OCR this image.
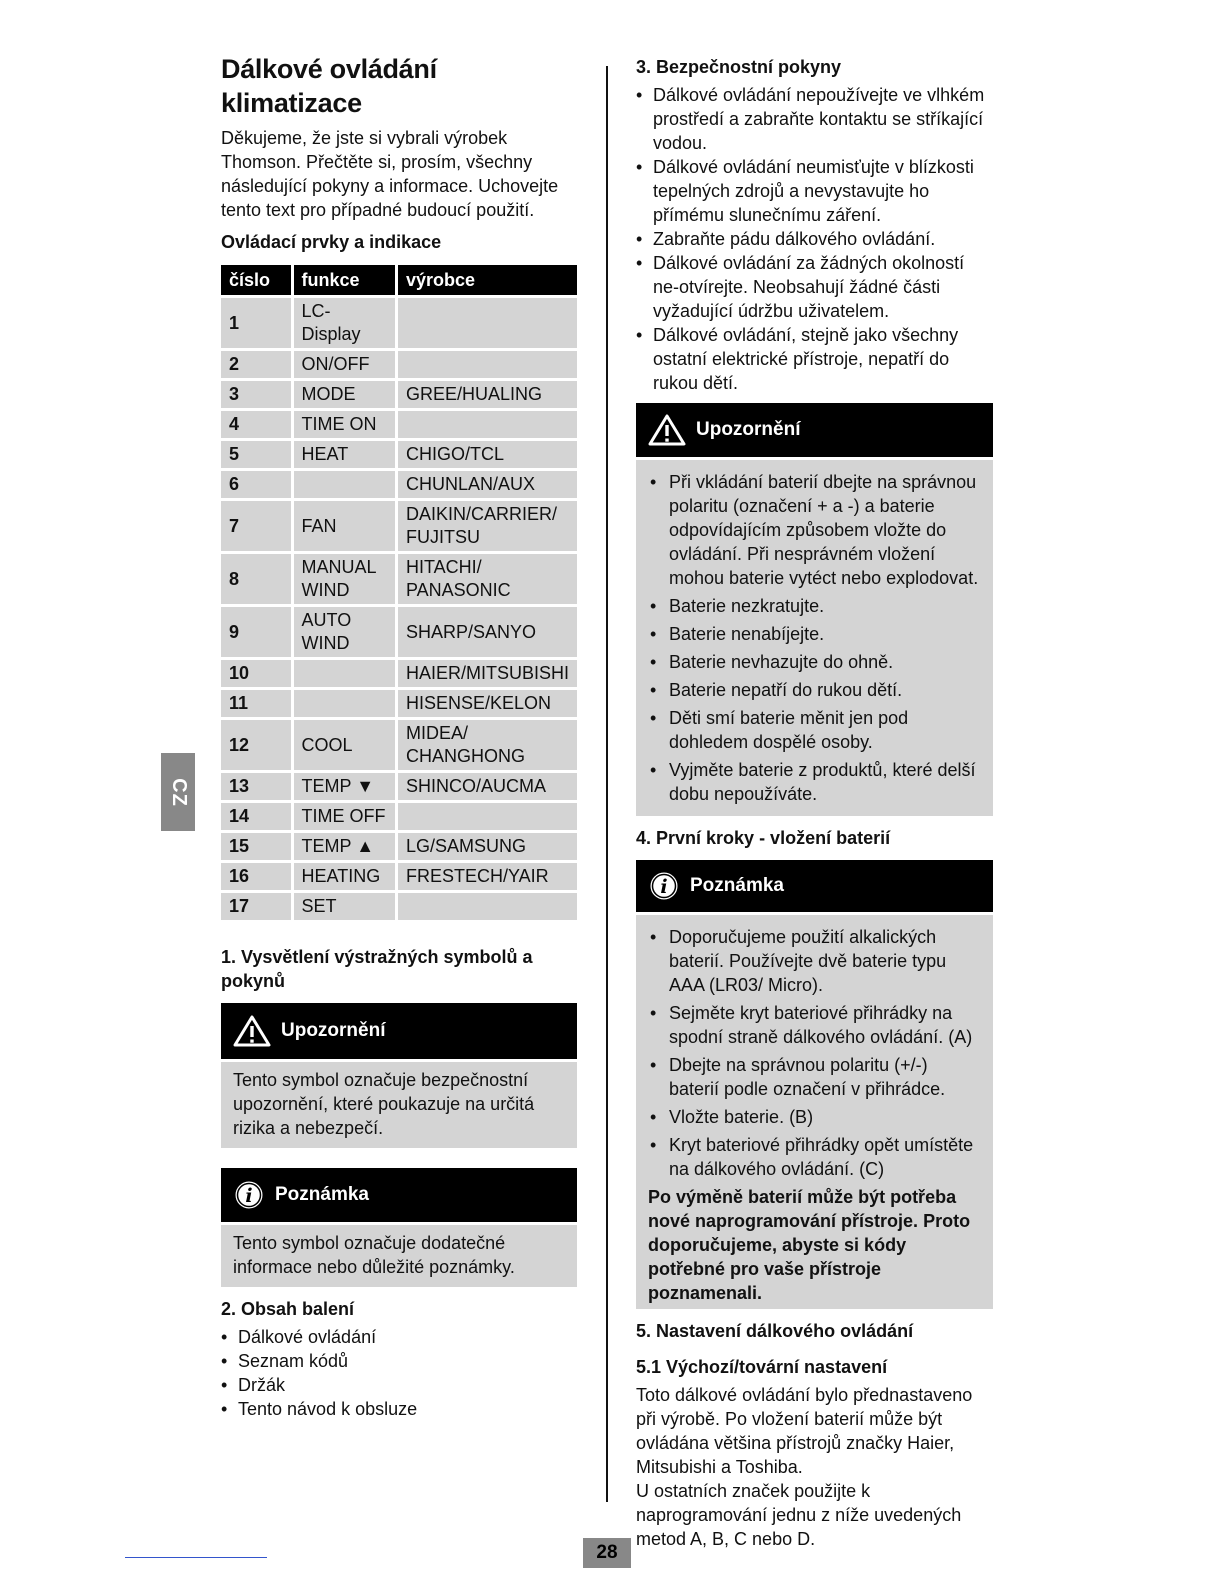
CZ
Dálkové ovládání klimatizace

Děkujeme, že jste si vybrali výrobek Thomson. Přečtěte si, prosím, všechny následující pokyny a informace. Uchovejte tento text pro případné budoucí použití.

Ovládací prvky a indikace
číslo	funkce	výrobce
1	LC-Display	
2	ON/OFF	
3	MODE	GREE/HUALING
4	TIME ON	
5	HEAT	CHIGO/TCL
6		CHUNLAN/AUX
7	FAN	DAIKIN/CARRIER/ FUJITSU
8	MANUAL WIND	HITACHI/ PANASONIC
9	AUTO WIND	SHARP/SANYO
10		HAIER/MITSUBISHI
11		HISENSE/KELON
12	COOL	MIDEA/ CHANGHONG
13	TEMP ▼	SHINCO/AUCMA
14	TIME OFF	
15	TEMP ▲	LG/SAMSUNG
16	HEATING	FRESTECH/YAIR
17	SET	
1. Vysvětlení výstražných symbolů a pokynů
Upozornění
Tento symbol označuje bezpečnostní upozornění, které poukazuje na určitá rizika a nebezpečí.
i Poznámka
Tento symbol označuje dodatečné informace nebo důležité poznámky.
2. Obsah balení
• Dálkové ovládání
• Seznam kódů
• Držák
• Tento návod k obsluze
3. Bezpečnostní pokyny
• Dálkové ovládání nepoužívejte ve vlhkém prostředí a zabraňte kontaktu se stříkající vodou.
• Dálkové ovládání neumisťujte v blízkosti tepelných zdrojů a nevystavujte ho přímému slunečnímu záření.
• Zabraňte pádu dálkového ovládání.
• Dálkové ovládání za žádných okolností ne-otvírejte. Neobsahují žádné části vyžadující údržbu uživatelem.
• Dálkové ovládání, stejně jako všechny ostatní elektrické přístroje, nepatří do rukou dětí.
Upozornění
• Při vkládání baterií dbejte na správnou polaritu (označení + a -) a baterie odpovídajícím způsobem vložte do ovládání. Při nesprávném vložení mohou baterie vytéct nebo explodovat.
• Baterie nezkratujte.
• Baterie nenabíjejte.
• Baterie nevhazujte do ohně.
• Baterie nepatří do rukou dětí.
• Děti smí baterie měnit jen pod dohledem dospělé osoby.
• Vyjměte baterie z produktů, které delší dobu nepoužíváte.
4. První kroky - vložení baterií
i Poznámka
• Doporučujeme použití alkalických baterií. Používejte dvě baterie typu AAA (LR03/ Micro).
• Sejměte kryt bateriové přihrádky na spodní straně dálkového ovládání. (A)
• Dbejte na správnou polaritu (+/-) baterií podle označení v přihrádce.
• Vložte baterie. (B)
• Kryt bateriové přihrádky opět umístěte na dálkového ovládání. (C)

Po výměně baterií může být potřeba nové naprogramování přístroje. Proto doporučujeme, abyste si kódy potřebné pro vaše přístroje poznamenali.

5. Nastavení dálkového ovládání
5.1 Výchozí/tovární nastavení

Toto dálkové ovládání bylo přednastaveno při výrobě. Po vložení baterií může být ovládána většina přístrojů značky Haier, Mitsubishi a Toshiba.

U ostatních značek použijte k naprogramování jednu z níže uvedených metod A, B, C nebo D.

28
